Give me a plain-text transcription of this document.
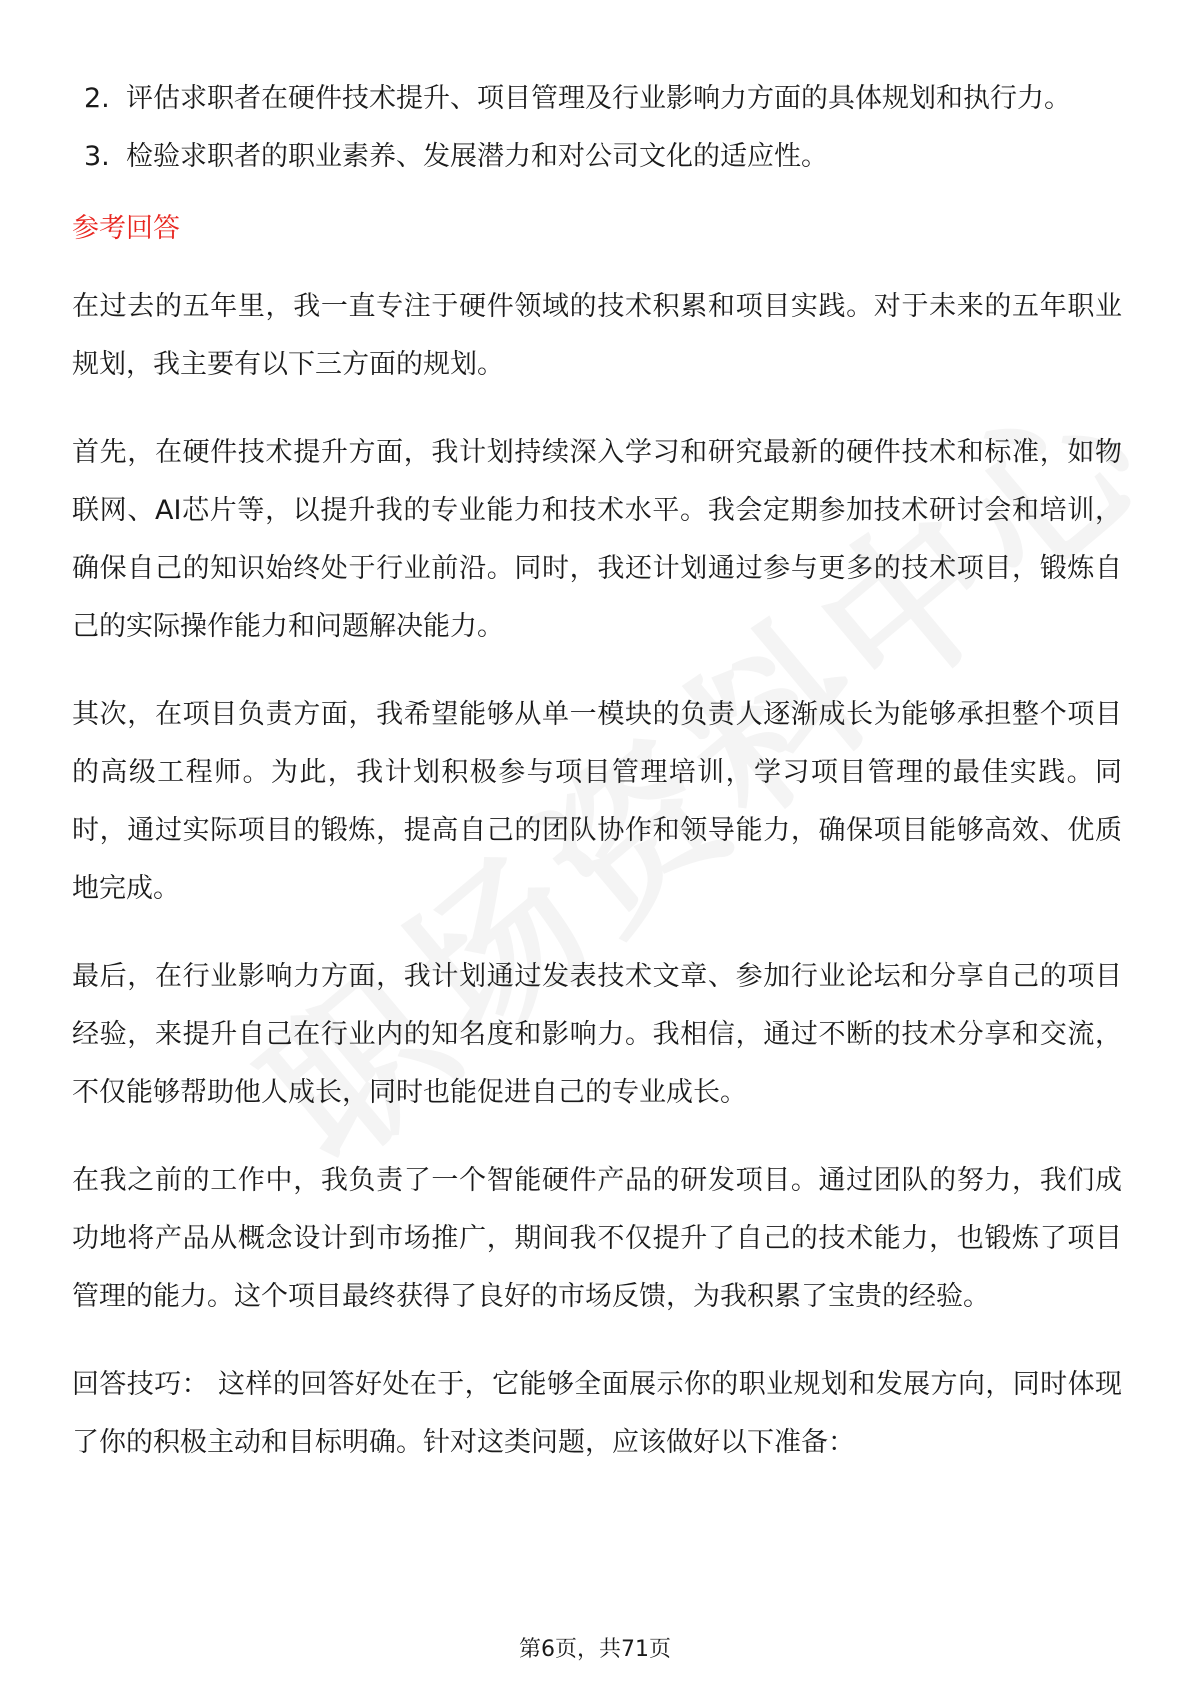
2. 评估求职者在硬件技术提升、项目管理及行业影响力方面的具体规划和执行力。

3. 检验求职者的职业素养、发展潜力和对公司文化的适应性。

参考回答

在过去的五年里，我一直专注于硬件领域的技术积累和项目实践。对于未来的五年职业规划，我主要有以下三方面的规划。

首先，在硬件技术提升方面，我计划持续深入学习和研究最新的硬件技术和标准，如物联网、AI芯片等，以提升我的专业能力和技术水平。我会定期参加技术研讨会和培训，确保自己的知识始终处于行业前沿。同时，我还计划通过参与更多的技术项目，锻炼自己的实际操作能力和问题解决能力。

其次，在项目负责方面，我希望能够从单一模块的负责人逐渐成长为能够承担整个项目的高级工程师。为此，我计划积极参与项目管理培训，学习项目管理的最佳实践。同时，通过实际项目的锻炼，提高自己的团队协作和领导能力，确保项目能够高效、优质地完成。

最后，在行业影响力方面，我计划通过发表技术文章、参加行业论坛和分享自己的项目经验，来提升自己在行业内的知名度和影响力。我相信，通过不断的技术分享和交流，不仅能够帮助他人成长，同时也能促进自己的专业成长。

在我之前的工作中，我负责了一个智能硬件产品的研发项目。通过团队的努力，我们成功地将产品从概念设计到市场推广，期间我不仅提升了自己的技术能力，也锻炼了项目管理的能力。这个项目最终获得了良好的市场反馈，为我积累了宝贵的经验。

回答技巧： 这样的回答好处在于，它能够全面展示你的职业规划和发展方向，同时体现了你的积极主动和目标明确。针对这类问题，应该做好以下准备：

第6页，共71页
